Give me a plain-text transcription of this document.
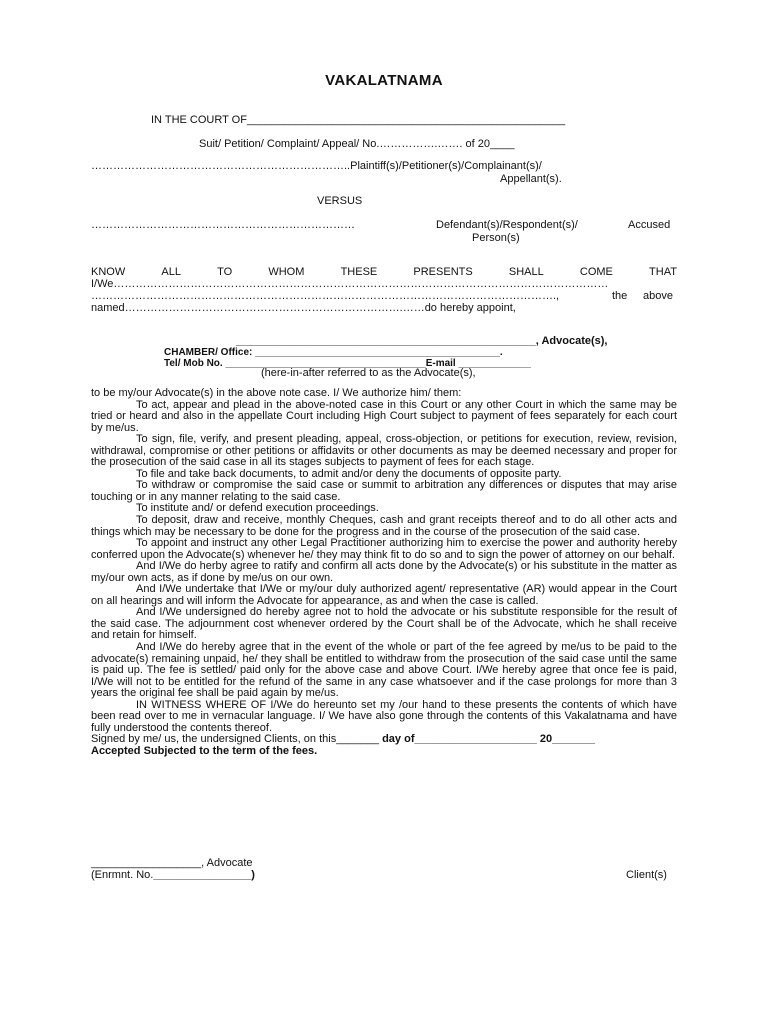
VAKALATNAMA
IN THE COURT OF____________________________________________________
Suit/ Petition/ Complaint/ Appeal/ No.…………….……. of 20____
……………………………………………………………..Plaintiff(s)/Petitioner(s)/Complainant(s)/
Appellant(s).
VERSUS
………………………………………………………………	Defendant(s)/Respondent(s)/	Accused
Person(s)
KNOW	ALL	TO	WHOM	THESE	PRESENTS	SHALL	COME	THAT
I/We………………………………………………………………………………………………………………………
……………………………………………………………………………………………………………….,	the above
named………………………………………………………………….……do hereby appoint,
_________________________________________________, Advocate(s),
CHAMBER/ Office: ____________________________________________.
Tel/ Mob No. ____________________________________E-mail _____________
(here-in-after referred to as the Advocate(s),

to be my/our Advocate(s) in the above note case. I/ We authorize him/ them:

To act, appear and plead in the above-noted case in this Court or any other Court in which the same may be tried or heard and also in the appellate Court including High Court subject to payment of fees separately for each court by me/us.

To sign, file, verify, and present pleading, appeal, cross-objection, or petitions for execution, review, revision, withdrawal, compromise or other petitions or affidavits or other documents as may be deemed necessary and proper for the prosecution of the said case in all its stages subjects to payment of fees for each stage.

To file and take back documents, to admit and/or deny the documents of opposite party.

To withdraw or compromise the said case or summit to arbitration any differences or disputes that may arise touching or in any manner relating to the said case.

To institute and/ or defend execution proceedings.

To deposit, draw and receive, monthly Cheques, cash and grant receipts thereof and to do all other acts and things which may be necessary to be done for the progress and in the course of the prosecution of the said case.

To appoint and instruct any other Legal Practitioner authorizing him to exercise the power and authority hereby conferred upon the Advocate(s) whenever he/ they may think fit to do so and to sign the power of attorney on our behalf.

And I/We do herby agree to ratify and confirm all acts done by the Advocate(s) or his substitute in the matter as my/our own acts, as if done by me/us on our own.

And I/We undertake that I/We or my/our duly authorized agent/ representative (AR) would appear in the Court on all hearings and will inform the Advocate for appearance, as and when the case is called.

And I/We undersigned do hereby agree not to hold the advocate or his substitute responsible for the result of the said case. The adjournment cost whenever ordered by the Court shall be of the Advocate, which he shall receive and retain for himself.

And I/We do hereby agree that in the event of the whole or part of the fee agreed by me/us to be paid to the advocate(s) remaining unpaid, he/ they shall be entitled to withdraw from the prosecution of the said case until the same is paid up. The fee is settled/ paid only for the above case and above Court. I/We hereby agree that once fee is paid, I/We will not to be entitled for the refund of the same in any case whatsoever and if the case prolongs for more than 3 years the original fee shall be paid again by me/us.

IN WITNESS WHERE OF I/We do hereunto set my /our hand to these presents the contents of which have been read over to me in vernacular language. I/ We have also gone through the contents of this Vakalatnama and have fully understood the contents thereof.

Signed by me/ us, the undersigned Clients, on this_______ day of____________________ 20_______

Accepted Subjected to the term of the fees.

__________________, Advocate
(Enrmnt. No.________________)	Client(s)
